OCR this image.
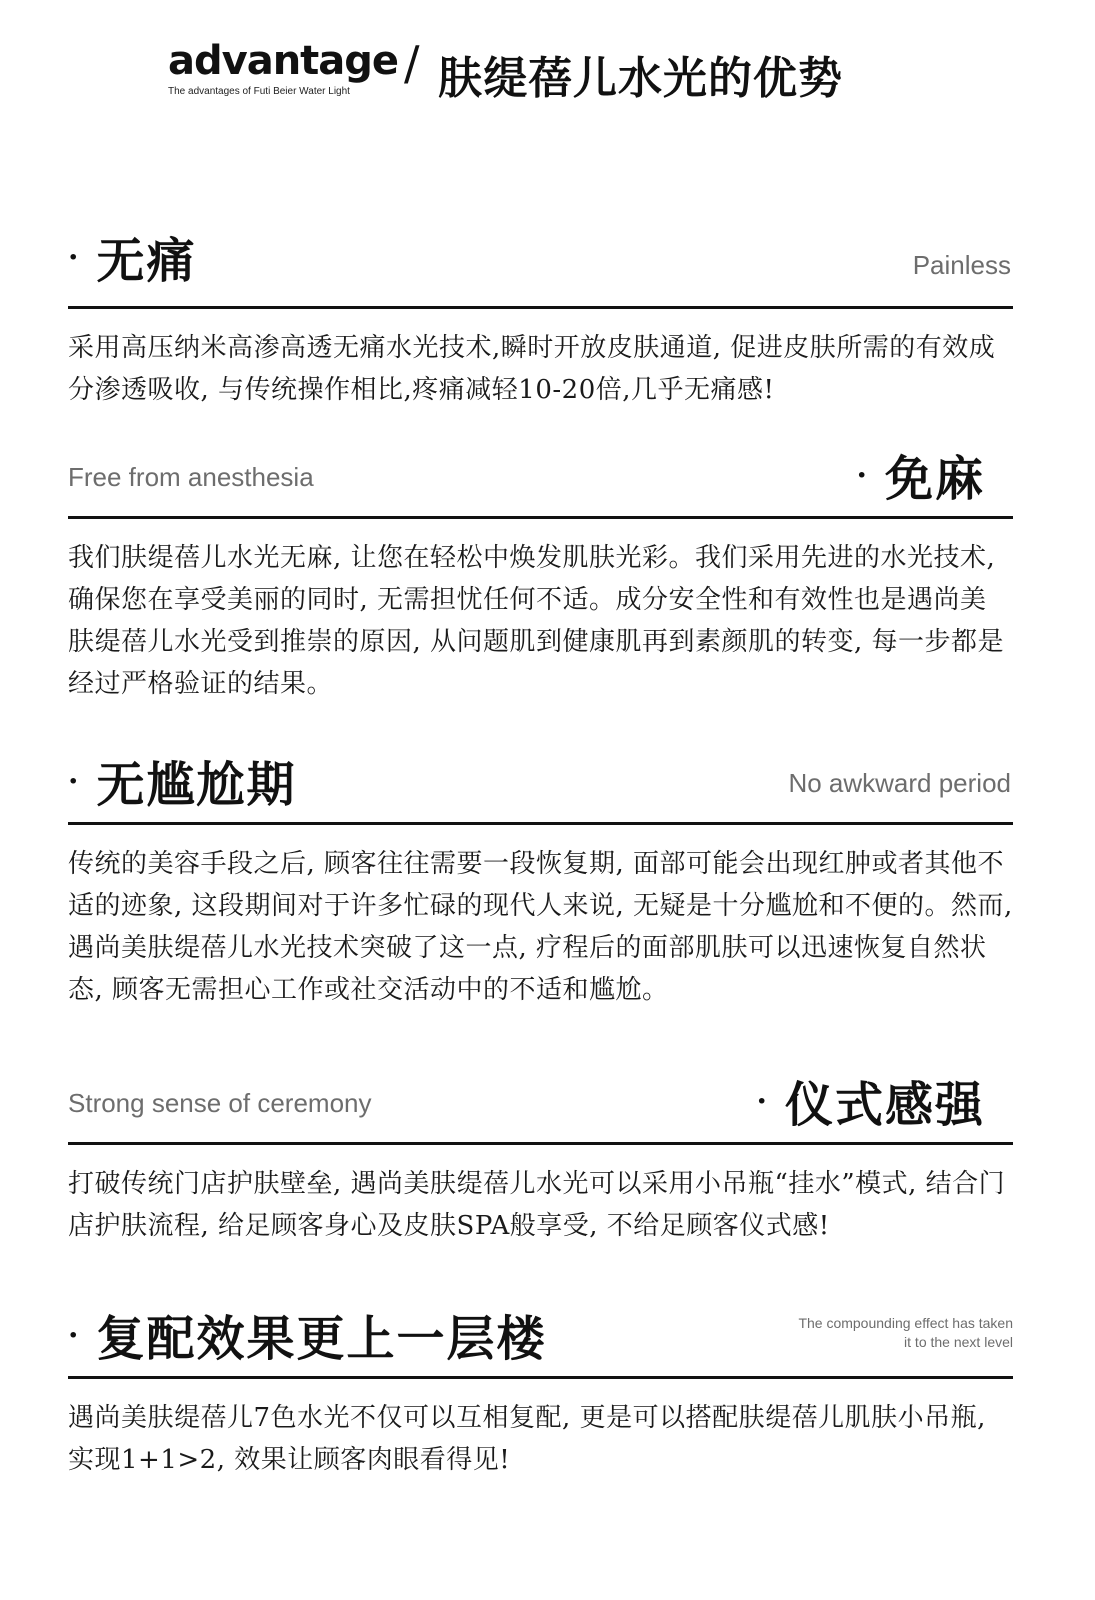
advantage
The advantages of Futi Beier Water Light
/ 肤缇蓓儿水光的优势
· 无痛	Painless
采用高压纳米高渗高透无痛水光技术,瞬时开放皮肤通道, 促进皮肤所需的有效成分渗透吸收, 与传统操作相比,疼痛减轻10-20倍,几乎无痛感!
Free from anesthesia	· 免麻
我们肤缇蓓儿水光无麻, 让您在轻松中焕发肌肤光彩。我们采用先进的水光技术, 确保您在享受美丽的同时, 无需担忧任何不适。成分安全性和有效性也是遇尚美肤缇蓓儿水光受到推崇的原因, 从问题肌到健康肌再到素颜肌的转变, 每一步都是经过严格验证的结果。
· 无尴尬期	No awkward period
传统的美容手段之后, 顾客往往需要一段恢复期, 面部可能会出现红肿或者其他不适的迹象, 这段期间对于许多忙碌的现代人来说, 无疑是十分尴尬和不便的。然而, 遇尚美肤缇蓓儿水光技术突破了这一点, 疗程后的面部肌肤可以迅速恢复自然状态, 顾客无需担心工作或社交活动中的不适和尴尬。
Strong sense of ceremony	· 仪式感强
打破传统门店护肤壁垒, 遇尚美肤缇蓓儿水光可以采用小吊瓶“挂水”模式, 结合门店护肤流程, 给足顾客身心及皮肤SPA般享受, 不给足顾客仪式感!
· 复配效果更上一层楼	The compounding effect has taken
it to the next level
遇尚美肤缇蓓儿7色水光不仅可以互相复配, 更是可以搭配肤缇蓓儿肌肤小吊瓶, 实现1+1>2, 效果让顾客肉眼看得见!
